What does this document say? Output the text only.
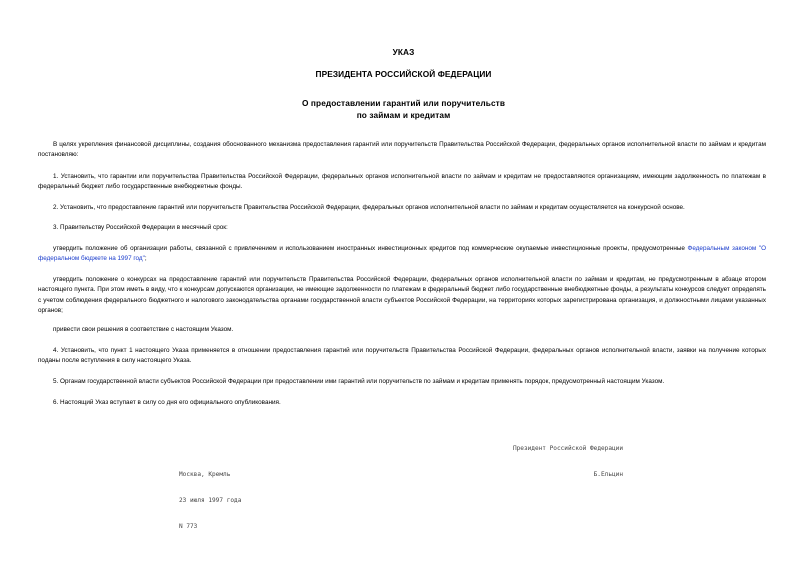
УКАЗ
ПРЕЗИДЕНТА РОССИЙСКОЙ ФЕДЕРАЦИИ
О предоставлении гарантий или поручительств
по займам и кредитам
В целях укрепления финансовой дисциплины, создания обоснованного механизма предоставления гарантий или поручительств Правительства Российской Федерации, федеральных органов исполнительной власти по займам и кредитам постановляю:
1. Установить, что гарантии или поручительства Правительства Российской Федерации, федеральных органов исполнительной власти по займам и кредитам не предоставляются организациям, имеющим задолженность по платежам в федеральный бюджет либо государственные внебюджетные фонды.
2. Установить, что предоставление гарантий или поручительств Правительства Российской Федерации, федеральных органов исполнительной власти по займам и кредитам осуществляется на конкурсной основе.
3. Правительству Российской Федерации в месячный срок:
утвердить положение об организации работы, связанной с привлечением и использованием иностранных инвестиционных кредитов под коммерческие окупаемые инвестиционные проекты, предусмотренные Федеральным законом "О федеральном бюджете на 1997 год";
утвердить положение о конкурсах на предоставление гарантий или поручительств Правительства Российской Федерации, федеральных органов исполнительной власти по займам и кредитам, не предусмотренным в абзаце втором настоящего пункта. При этом иметь в виду, что к конкурсам допускаются организации, не имеющие задолженности по платежам в федеральный бюджет либо государственные внебюджетные фонды, а результаты конкурсов следует определять с учетом соблюдения федерального бюджетного и налогового законодательства органами государственной власти субъектов Российской Федерации, на территориях которых зарегистрирована организация, и должностными лицами указанных органов;
привести свои решения в соответствие с настоящим Указом.
4. Установить, что пункт 1 настоящего Указа применяется в отношении предоставления гарантий или поручительств Правительства Российской Федерации, федеральных органов исполнительной власти, заявки на получение которых поданы после вступления в силу настоящего Указа.
5. Органам государственной власти субъектов Российской Федерации при предоставлении ими гарантий или поручительств по займам и кредитам применять порядок, предусмотренный настоящим Указом.
6. Настоящий Указ вступает в силу со дня его официального опубликования.

Президент Российской Федерации

Б.Ельцин

Москва, Кремль

23 июля 1997 года

N 773
